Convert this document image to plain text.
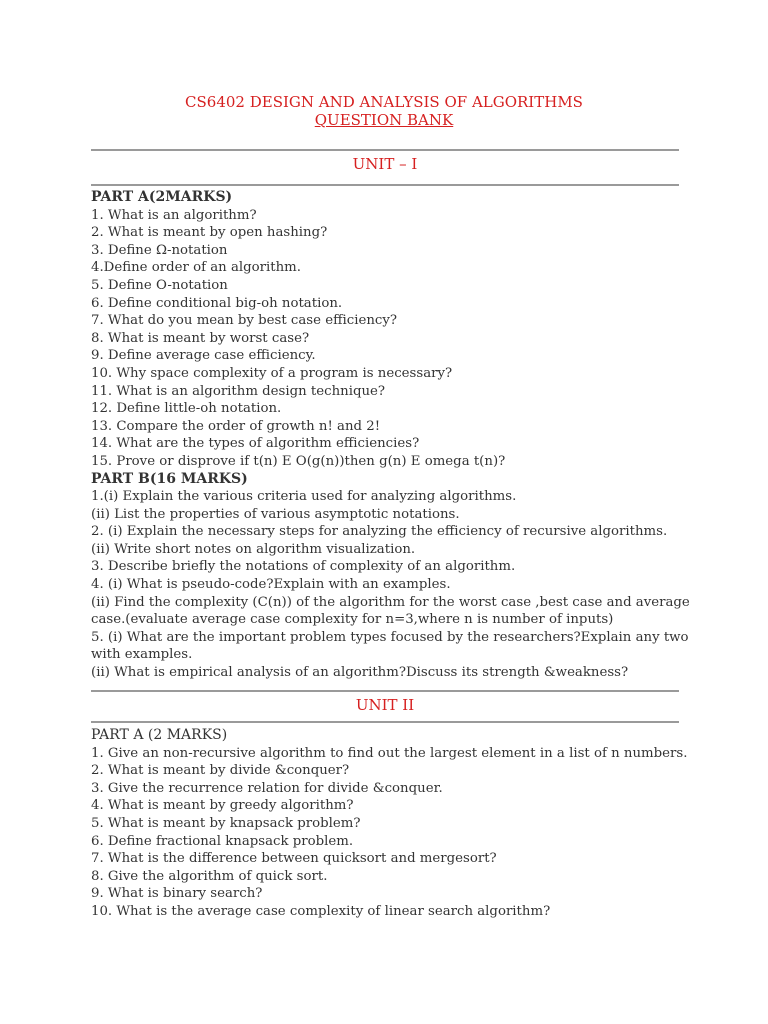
CS6402 DESIGN AND ANALYSIS OF ALGORITHMS
QUESTION BANK
UNIT – I
PART A(2MARKS)
1. What is an algorithm?
2. What is meant by open hashing?
3. Define Ω-notation
4.Define order of an algorithm.
5. Define O-notation
6. Define conditional big-oh notation.
7. What do you mean by best case efficiency?
8. What is meant by worst case?
9. Define average case efficiency.
10. Why space complexity of a program is necessary?
11. What is an algorithm design technique?
12. Define little-oh notation.
13. Compare the order of growth n! and 2!
14. What are the types of algorithm efficiencies?
15. Prove or disprove if t(n) E O(g(n))then g(n) E omega t(n)?
PART B(16 MARKS)
1.(i) Explain the various criteria used for analyzing algorithms.
(ii) List the properties of various asymptotic notations.
2. (i) Explain the necessary steps for analyzing the efficiency of recursive algorithms.
(ii) Write short notes on algorithm visualization.
3. Describe briefly the notations of complexity of an algorithm.
4. (i) What is pseudo-code?Explain with an examples.
(ii) Find the complexity (C(n)) of the algorithm for the worst case ,best case and average
case.(evaluate average case complexity for n=3,where n is number of inputs)
5. (i) What are the important problem types focused by the researchers?Explain any two
with examples.
(ii) What is empirical analysis of an algorithm?Discuss its strength &weakness?
UNIT II
PART A (2 MARKS)
1. Give an non-recursive algorithm to find out the largest element in a list of n numbers.
2. What is meant by divide &conquer?
3. Give the recurrence relation for divide &conquer.
4. What is meant by greedy algorithm?
5. What is meant by knapsack problem?
6. Define fractional knapsack problem.
7. What is the difference between quicksort and mergesort?
8. Give the algorithm of quick sort.
9. What is binary search?
10. What is the average case complexity of linear search algorithm?
